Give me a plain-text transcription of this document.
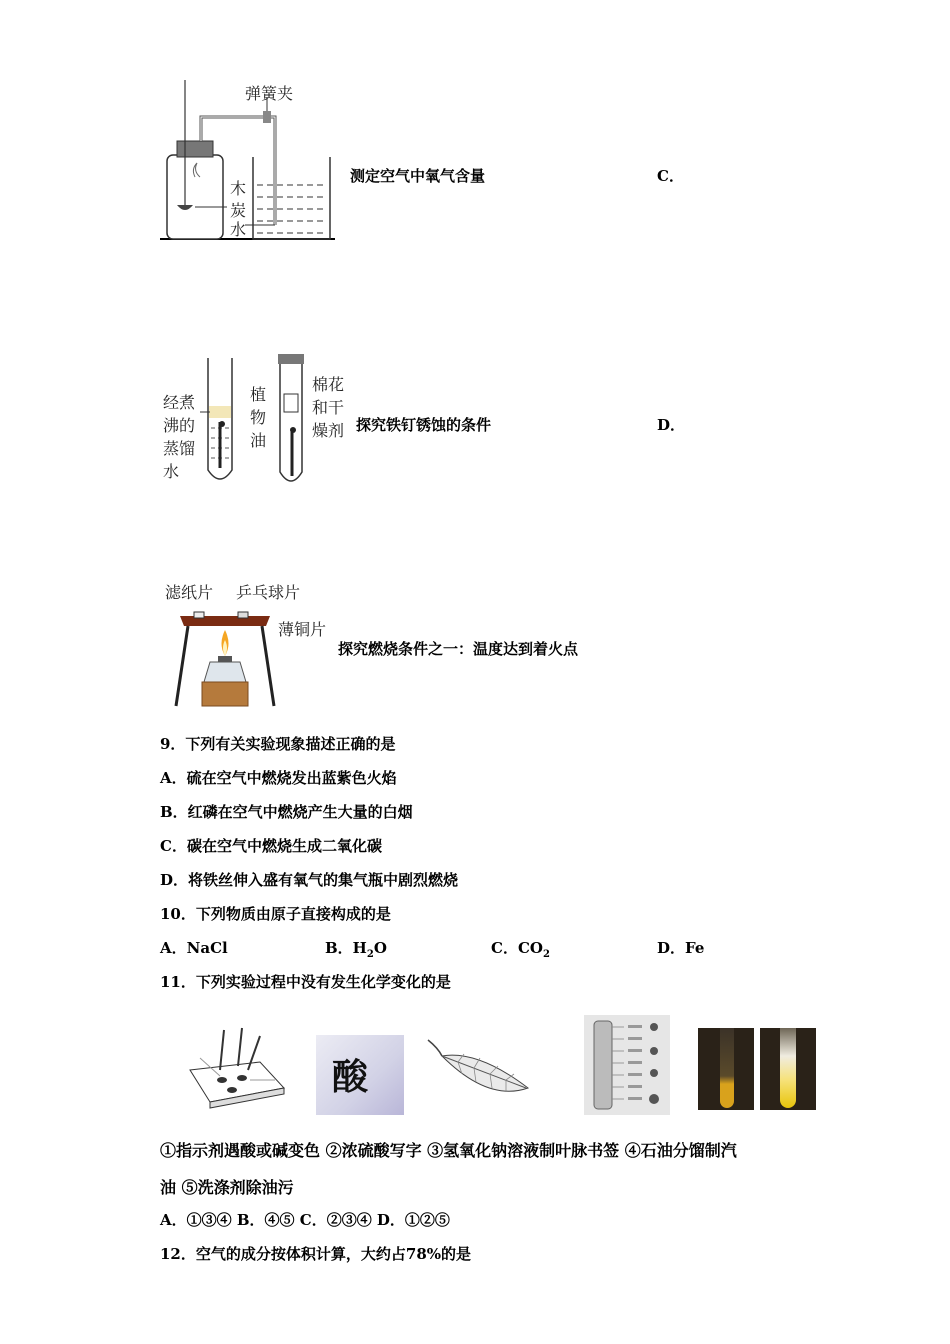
弹簧夹
木
炭
水
测定空气中氧气含量	C．
经煮
沸的
蒸馏
水
植
物
油
棉花
和干
燥剂 探究铁钉锈蚀的条件	D．
滤纸片 乒乓球片
薄铜片
探究燃烧条件之一：温度达到着火点
9．下列有关实验现象描述正确的是
A．硫在空气中燃烧发出蓝紫色火焰
B．红磷在空气中燃烧产生大量的白烟
C．碳在空气中燃烧生成二氧化碳
D．将铁丝伸入盛有氧气的集气瓶中剧烈燃烧
10．下列物质由原子直接构成的是
A．NaCl	B．$H_2O$	C．$CO_2$	D．Fe
11．下列实验过程中没有发生化学变化的是
酸
①指示剂遇酸或碱变色 ②浓硫酸写字 ③氢氧化钠溶液制叶脉书签 ④石油分馏制汽
油 ⑤洗涤剂除油污
A．①③④ B．④⑤ C．②③④ D．①②⑤
12．空气的成分按体积计算，大约占78%的是
